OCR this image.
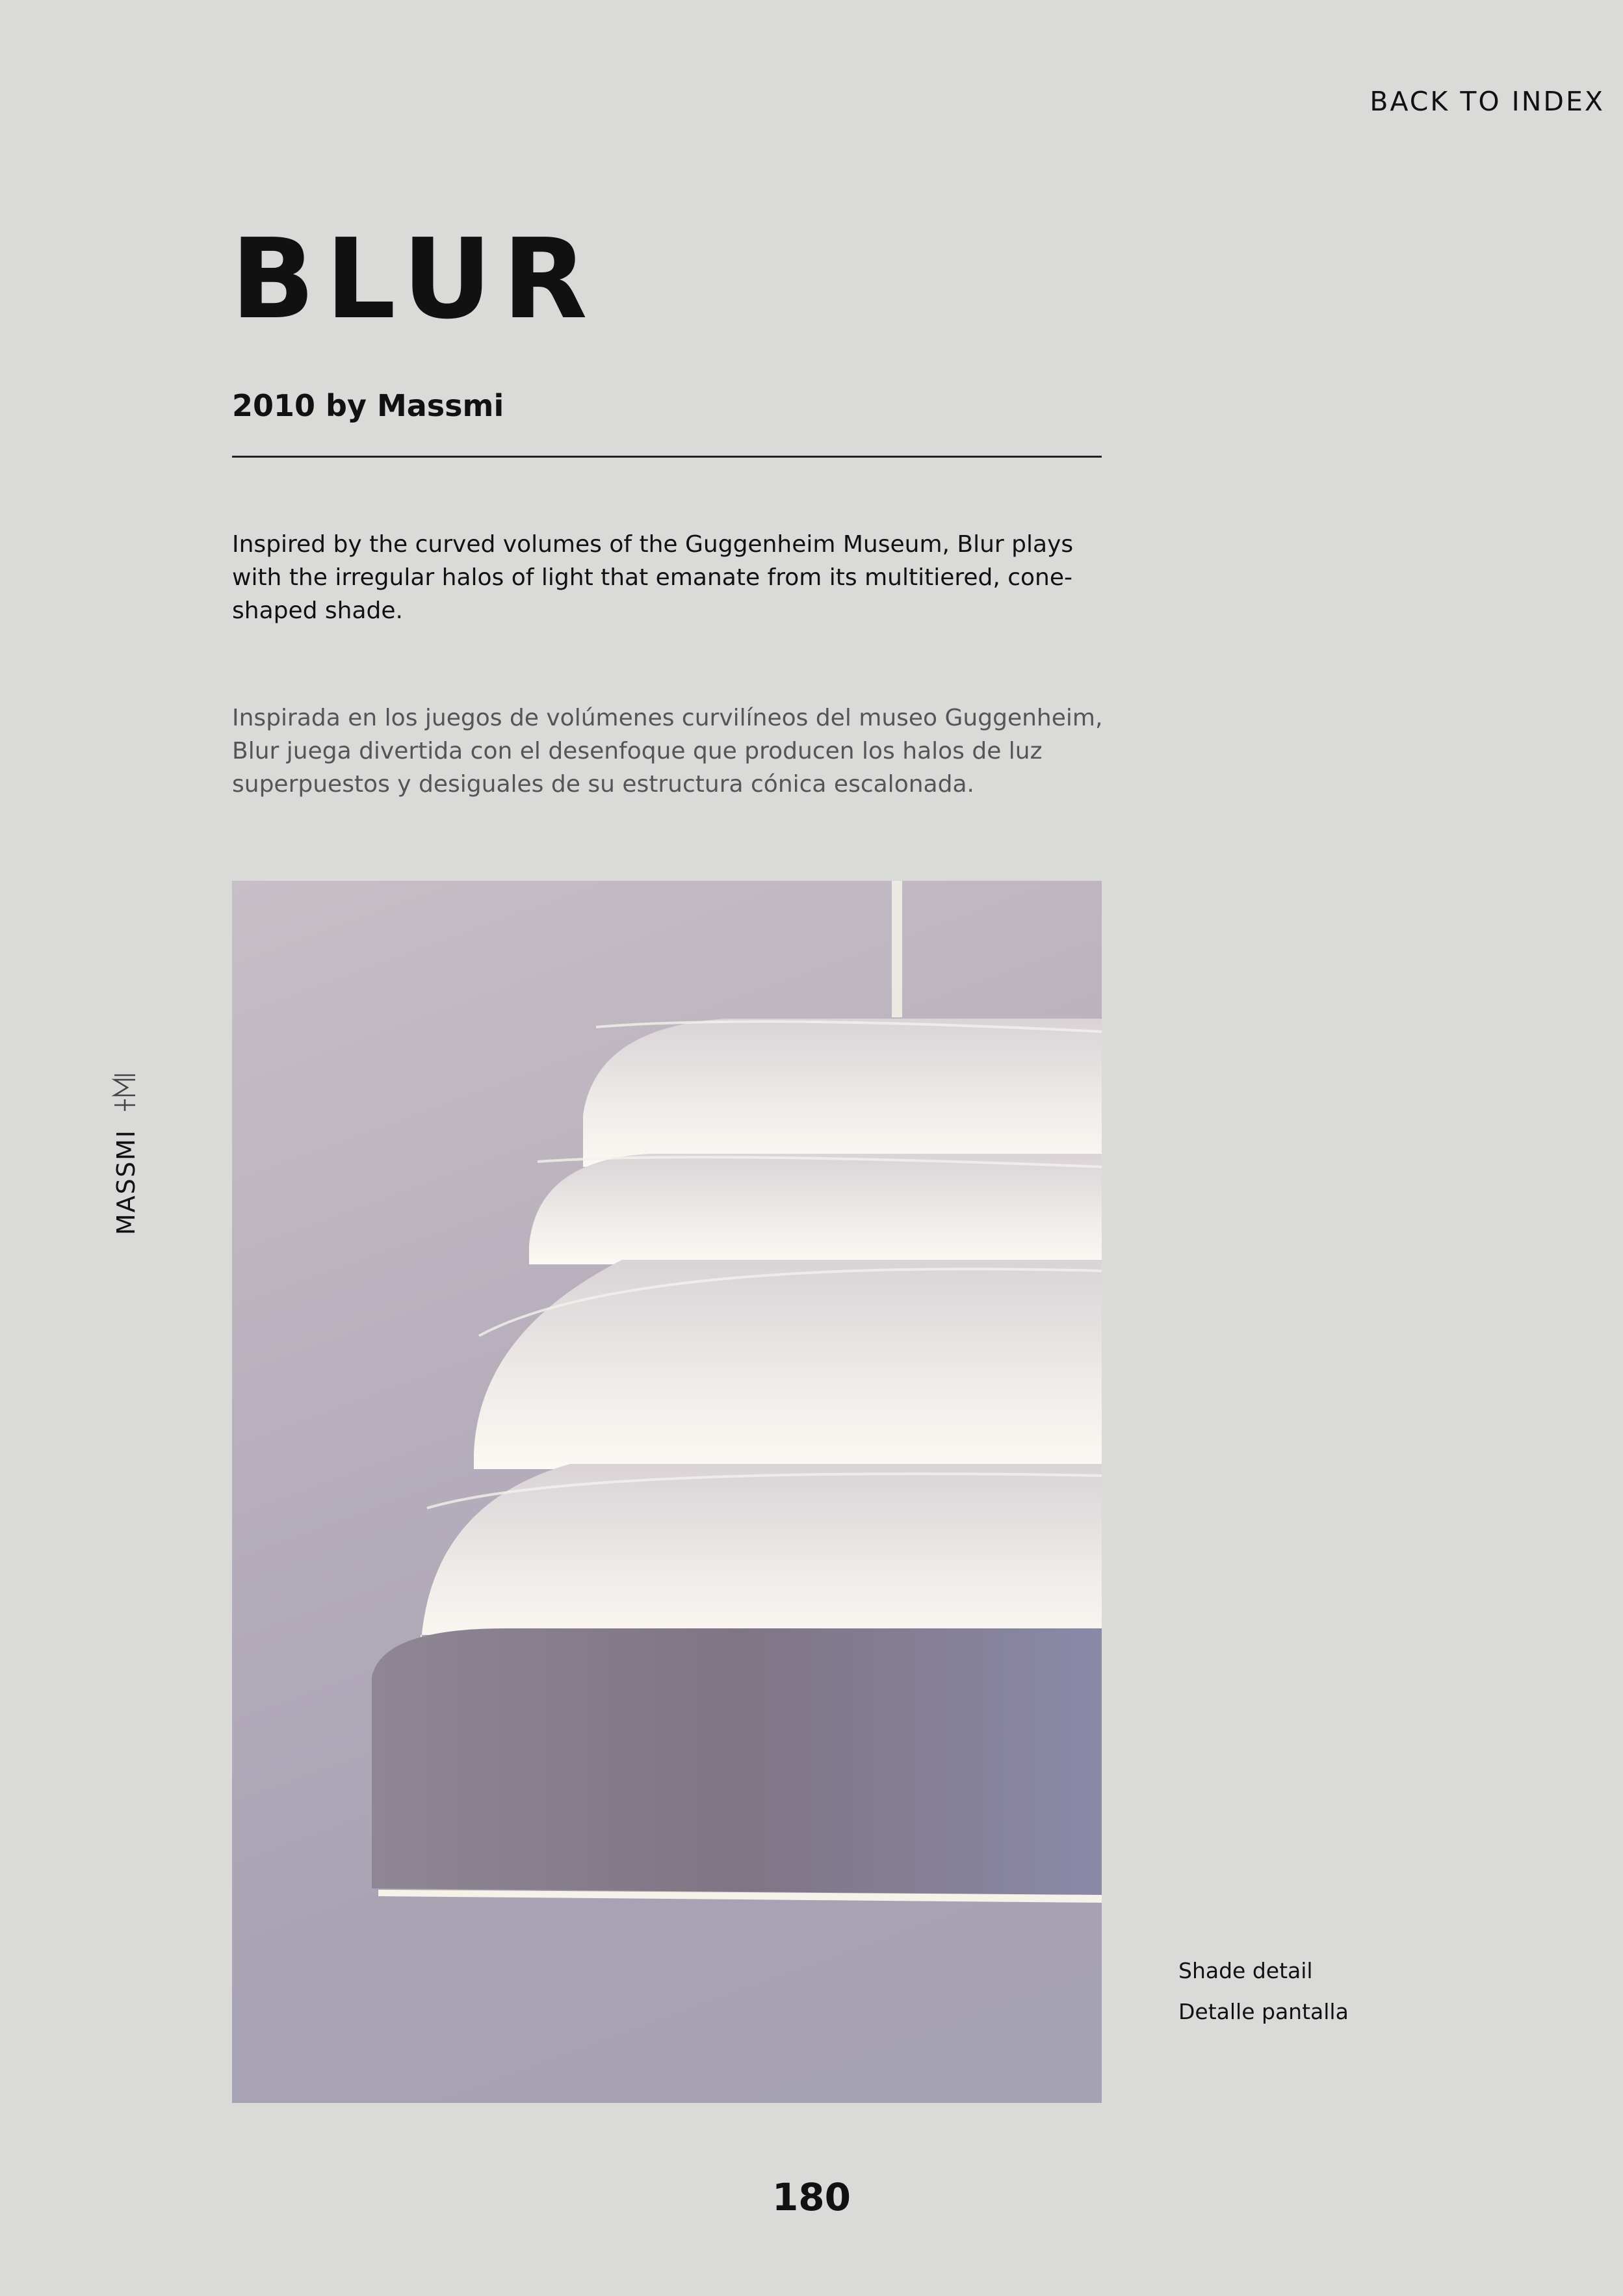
BACK TO INDEX
BLUR
2010 by Massmi

Inspired by the curved volumes of the Guggenheim Museum, Blur plays with the irregular halos of light that emanate from its multitiered, cone-shaped shade.

Inspirada en los juegos de volúmenes curvilíneos del museo Guggenheim, Blur juega divertida con el desenfoque que producen los halos de luz superpuestos y desiguales de su estructura cónica escalonada.

MASSMI

Shade detail

Detalle pantalla

180
